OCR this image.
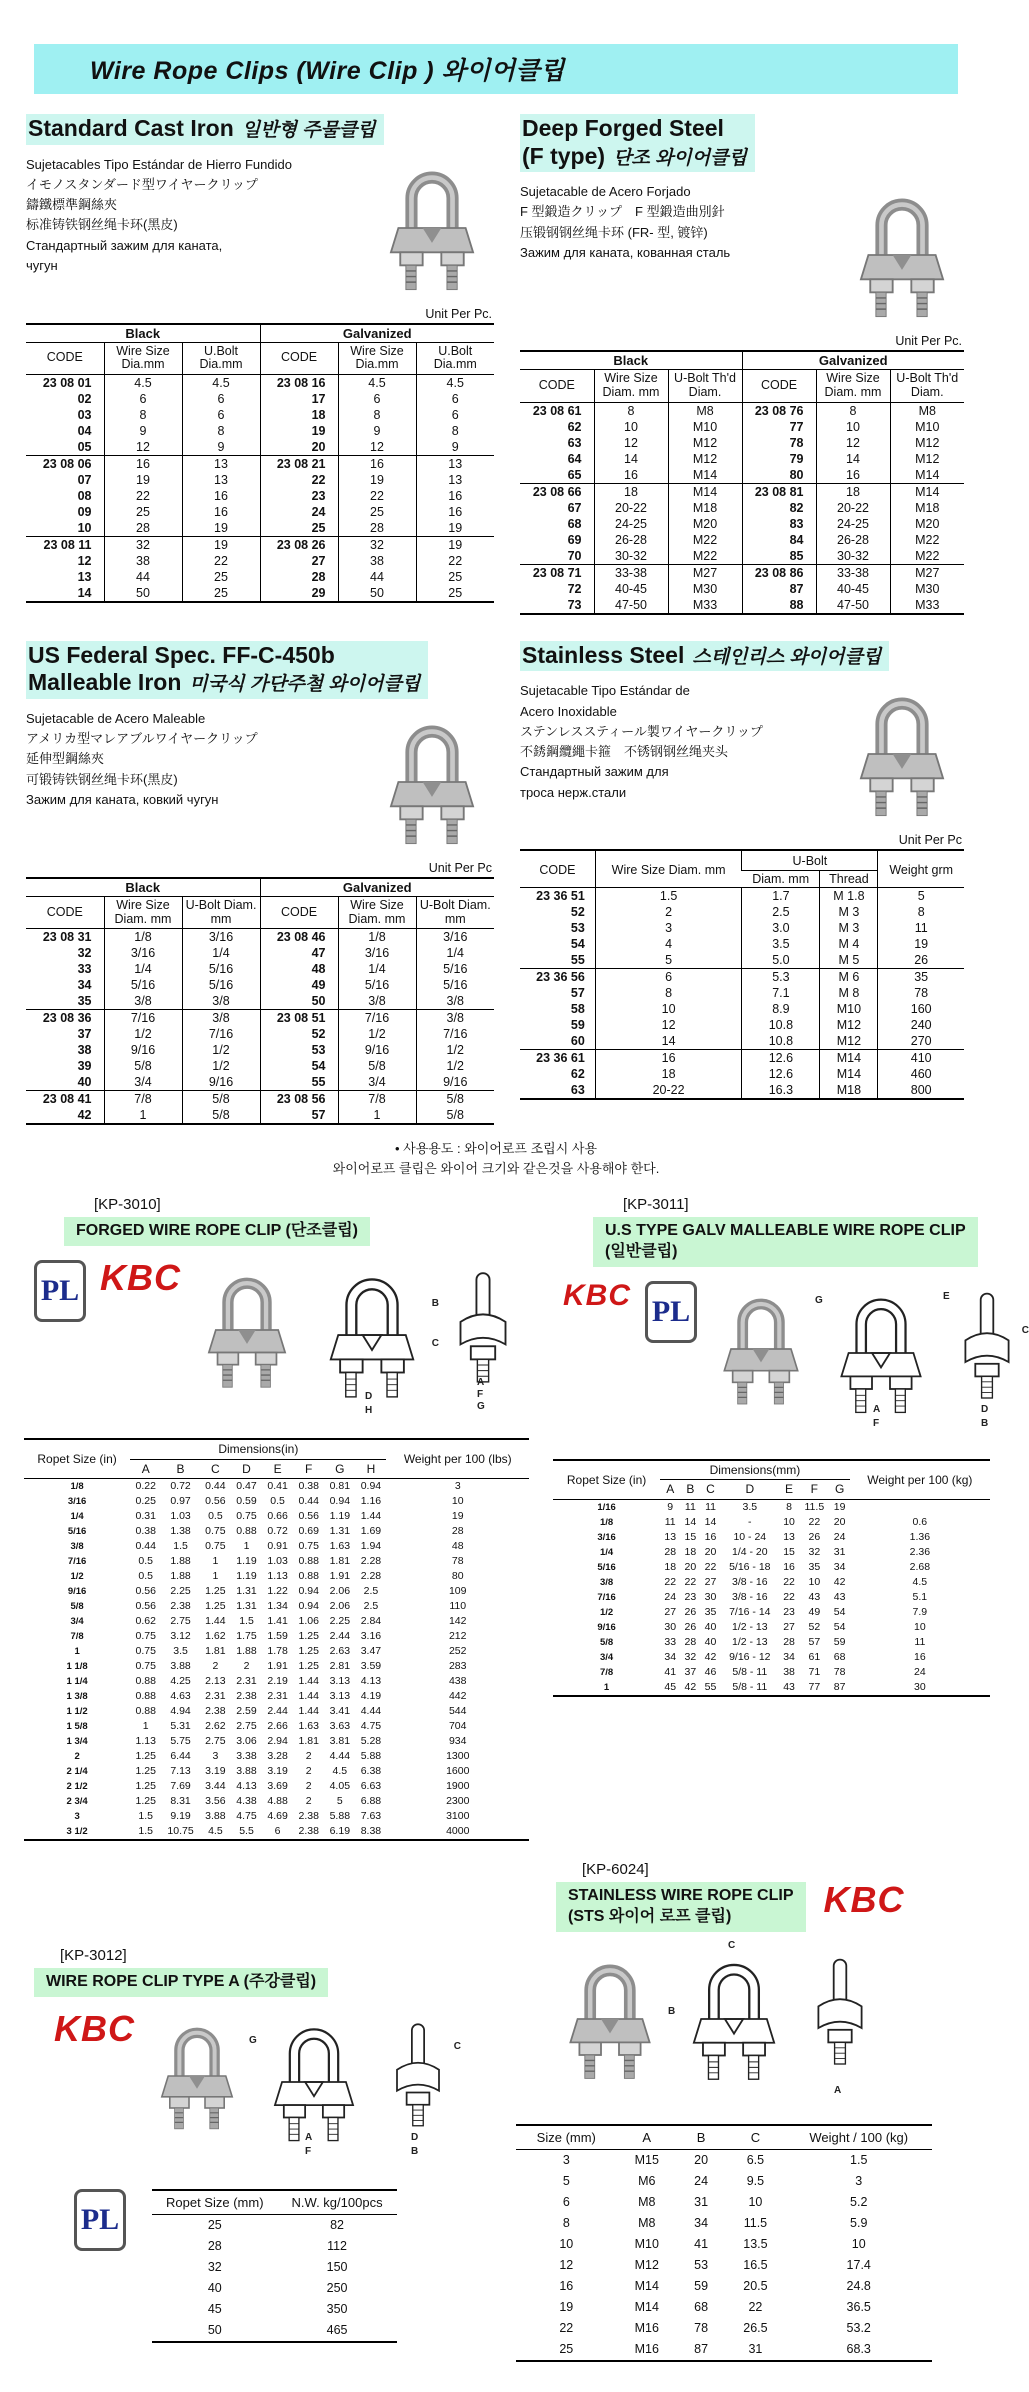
Wire Rope Clips (Wire Clip ) 와이어클립
Standard Cast Iron 일반형 주물클립

Sujetacables Tipo Estándar de Hierro Fundido

イモノスタンダード型ワイヤークリップ

鑄鐵標準鋼絲夾

标准铸铁钢丝绳卡环(黑皮)

Стандартный зажим для каната,

чугун

Unit Per Pc.
Black			Galvanized		
CODE	Wire Size Dia.mm	U.Bolt Dia.mm	CODE	Wire Size Dia.mm	U.Bolt Dia.mm
23 08 01	4.5	4.5	23 08 16	4.5	4.5
02	6	6	17	6	6
03	8	6	18	8	6
04	9	8	19	9	8
05	12	9	20	12	9
23 08 06	16	13	23 08 21	16	13
07	19	13	22	19	13
08	22	16	23	22	16
09	25	16	24	25	16
10	28	19	25	28	19
23 08 11	32	19	23 08 26	32	19
12	38	22	27	38	22
13	44	25	28	44	25
14	50	25	29	50	25
Deep Forged Steel
(F type) 단조 와이어클립

Sujetacable de Acero Forjado

F 型鍛造クリップ　F 型鍛造曲別針

压锻钢钢丝绳卡环 (FR- 型, 镀锌)

Зажим для каната, кованная сталь

Unit Per Pc.
Black			Galvanized		
CODE	Wire Size Diam. mm	U-Bolt Th'd Diam.	CODE	Wire Size Diam. mm	U-Bolt Th'd Diam.
23 08 61	8	M8	23 08 76	8	M8
62	10	M10	77	10	M10
63	12	M12	78	12	M12
64	14	M12	79	14	M12
65	16	M14	80	16	M14
23 08 66	18	M14	23 08 81	18	M14
67	20-22	M18	82	20-22	M18
68	24-25	M20	83	24-25	M20
69	26-28	M22	84	26-28	M22
70	30-32	M22	85	30-32	M22
23 08 71	33-38	M27	23 08 86	33-38	M27
72	40-45	M30	87	40-45	M30
73	47-50	M33	88	47-50	M33
US Federal Spec. FF-C-450b
Malleable Iron 미국식 가단주철 와이어클립

Sujetacable de Acero Maleable

アメリカ型マレアブルワイヤークリップ

延伸型鋼絲夾

可锻铸铁钢丝绳卡环(黑皮)

Зажим для каната, ковкий чугун

Unit Per Pc
Black			Galvanized		
CODE	Wire Size Diam. mm	U-Bolt Diam. mm	CODE	Wire Size Diam. mm	U-Bolt Diam. mm
23 08 31	1/8	3/16	23 08 46	1/8	3/16
32	3/16	1/4	47	3/16	1/4
33	1/4	5/16	48	1/4	5/16
34	5/16	5/16	49	5/16	5/16
35	3/8	3/8	50	3/8	3/8
23 08 36	7/16	3/8	23 08 51	7/16	3/8
37	1/2	7/16	52	1/2	7/16
38	9/16	1/2	53	9/16	1/2
39	5/8	1/2	54	5/8	1/2
40	3/4	9/16	55	3/4	9/16
23 08 41	7/8	5/8	23 08 56	7/8	5/8
42	1	5/8	57	1	5/8
Stainless Steel 스테인리스 와이어클립

Sujetacable Tipo Estándar de

Acero Inoxidable

ステンレススティール製ワイヤークリップ

不銹鋼纜繩卡箍　不锈钢钢丝绳夹头

Стандартный зажим для

троса нерж.стали

Unit Per Pc
CODE	Wire Size Diam. mm	U-Bolt		Weight grm
		Diam. mm	Thread	
23 36 51	1.5	1.7	M 1.8	5
52	2	2.5	M 3	8
53	3	3.0	M 3	11
54	4	3.5	M 4	19
55	5	5.0	M 5	26
23 36 56	6	5.3	M 6	35
57	8	7.1	M 8	78
58	10	8.9	M10	160
59	12	10.8	M12	240
60	14	10.8	M12	270
23 36 61	16	12.6	M14	410
62	18	12.6	M14	460
63	20-22	16.3	M18	800

• 사용용도 : 와이어로프 조립시 사용
와이어로프 클립은 와이어 크기와 같은것을 사용해야 한다.

[KP-3010]
FORGED WIRE ROPE CLIP (단조클립)
PL KBC
B
C
D
H
A
F
G
Ropet Size (in)	Dimensions(in)								Weight per 100 (lbs)
	A	B	C	D	E	F	G	H	
1/8	0.22	0.72	0.44	0.47	0.41	0.38	0.81	0.94	3
3/16	0.25	0.97	0.56	0.59	0.5	0.44	0.94	1.16	10
1/4	0.31	1.03	0.5	0.75	0.66	0.56	1.19	1.44	19
5/16	0.38	1.38	0.75	0.88	0.72	0.69	1.31	1.69	28
3/8	0.44	1.5	0.75	1	0.91	0.75	1.63	1.94	48
7/16	0.5	1.88	1	1.19	1.03	0.88	1.81	2.28	78
1/2	0.5	1.88	1	1.19	1.13	0.88	1.91	2.28	80
9/16	0.56	2.25	1.25	1.31	1.22	0.94	2.06	2.5	109
5/8	0.56	2.38	1.25	1.31	1.34	0.94	2.06	2.5	110
3/4	0.62	2.75	1.44	1.5	1.41	1.06	2.25	2.84	142
7/8	0.75	3.12	1.62	1.75	1.59	1.25	2.44	3.16	212
1	0.75	3.5	1.81	1.88	1.78	1.25	2.63	3.47	252
1 1/8	0.75	3.88	2	2	1.91	1.25	2.81	3.59	283
1 1/4	0.88	4.25	2.13	2.31	2.19	1.44	3.13	4.13	438
1 3/8	0.88	4.63	2.31	2.38	2.31	1.44	3.13	4.19	442
1 1/2	0.88	4.94	2.38	2.59	2.44	1.44	3.41	4.44	544
1 5/8	1	5.31	2.62	2.75	2.66	1.63	3.63	4.75	704
1 3/4	1.13	5.75	2.75	3.06	2.94	1.81	3.81	5.28	934
2	1.25	6.44	3	3.38	3.28	2	4.44	5.88	1300
2 1/4	1.25	7.13	3.19	3.88	3.19	2	4.5	6.38	1600
2 1/2	1.25	7.69	3.44	4.13	3.69	2	4.05	6.63	1900
2 3/4	1.25	8.31	3.56	4.38	4.88	2	5	6.88	2300
3	1.5	9.19	3.88	4.75	4.69	2.38	5.88	7.63	3100
3 1/2	1.5	10.75	4.5	5.5	6	2.38	6.19	8.38	4000
[KP-3011]
U.S TYPE GALV MALLEABLE WIRE ROPE CLIP
(일반클립)
KBC PL	G
A
F
E
C
D
B
Ropet Size (in)	Dimensions(mm)							Weight per 100 (kg)
	A	B	C	D	E	F	G	
1/16	9	11	11	3.5	8	11.5	19	
1/8	11	14	14	-	10	22	20	0.6
3/16	13	15	16	10 - 24	13	26	24	1.36
1/4	28	18	20	1/4 - 20	15	32	31	2.36
5/16	18	20	22	5/16 - 18	16	35	34	2.68
3/8	22	22	27	3/8 - 16	22	10	42	4.5
7/16	24	23	30	3/8 - 16	22	43	43	5.1
1/2	27	26	35	7/16 - 14	23	49	54	7.9
9/16	30	26	40	1/2 - 13	27	52	54	10
5/8	33	28	40	1/2 - 13	28	57	59	11
3/4	34	32	42	9/16 - 12	34	61	68	16
7/8	41	37	46	5/8 - 11	38	71	78	24
1	45	42	55	5/8 - 11	43	77	87	30
[KP-3012]
WIRE ROPE CLIP TYPE A (주강클립)
KBC	G
A
F
C
D
B
PL
Ropet Size (mm)	N.W. kg/100pcs
25	82
28	112
32	150
40	250
45	350
50	465
[KP-6024]
STAINLESS WIRE ROPE CLIP
(STS 와이어 로프 클립)	KBC
C
B
A
Size (mm)	A	B	C	Weight / 100 (kg)
3	M15	20	6.5	1.5
5	M6	24	9.5	3
6	M8	31	10	5.2
8	M8	34	11.5	5.9
10	M10	41	13.5	10
12	M12	53	16.5	17.4
16	M14	59	20.5	24.8
19	M14	68	22	36.5
22	M16	78	26.5	53.2
25	M16	87	31	68.3
